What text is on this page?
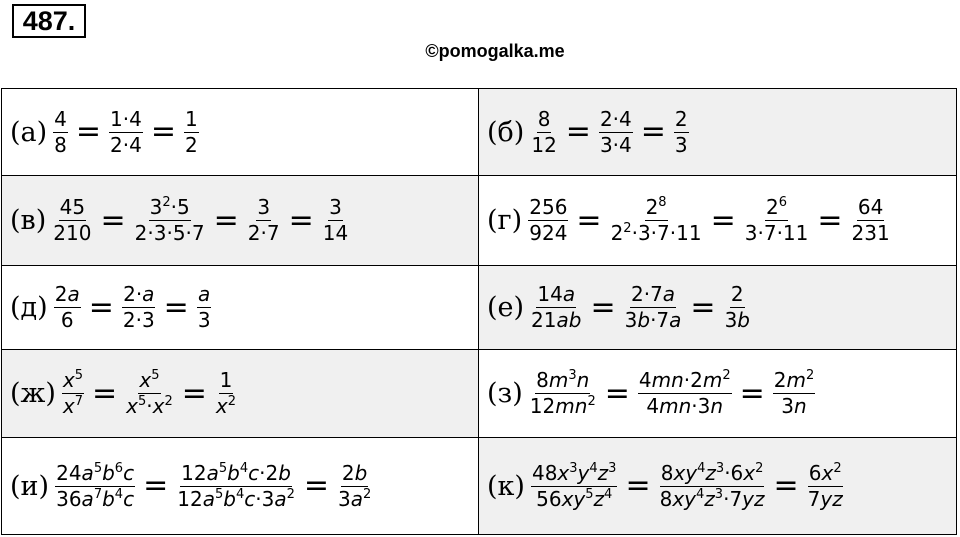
487.
©pomogalka.me
$(а) \frac{4}{8} = \frac{1\cdot 4}{2\cdot 4} = \frac{1}{2}$	$(б) \frac{8}{12} = \frac{2\cdot 4}{3\cdot 4} = \frac{2}{3}$
$(в) \frac{45}{210} = \frac{3^2\cdot 5}{2\cdot 3\cdot 5\cdot 7} = \frac{3}{2\cdot 7} = \frac{3}{14}$	$(г) \frac{256}{924} = \frac{2^8}{2^2\cdot 3\cdot 7\cdot 11} = \frac{2^6}{3\cdot 7\cdot 11} = \frac{64}{231}$
$(д) \frac{2a}{6} = \frac{2\cdot a}{2\cdot 3} = \frac{a}{3}$	$(е) \frac{14a}{21ab} = \frac{2\cdot 7a}{3b\cdot 7a} = \frac{2}{3b}$
$(ж) \frac{x^5}{x^7} = \frac{x^5}{x^5\cdot x^2} = \frac{1}{x^2}$	$(з) \frac{8m^3n}{12mn^2} = \frac{4mn\cdot 2m^2}{4mn\cdot 3n} = \frac{2m^2}{3n}$
$(и) \frac{24a^5b^6c}{36a^7b^4c} = \frac{12a^5b^4c\cdot 2b}{12a^5b^4c\cdot 3a^2} = \frac{2b}{3a^2}$	$(к) \frac{48x^3y^4z^3}{56xy^5z^4} = \frac{8xy^4z^3\cdot 6x^2}{8xy^4z^3\cdot 7yz} = \frac{6x^2}{7yz}$
